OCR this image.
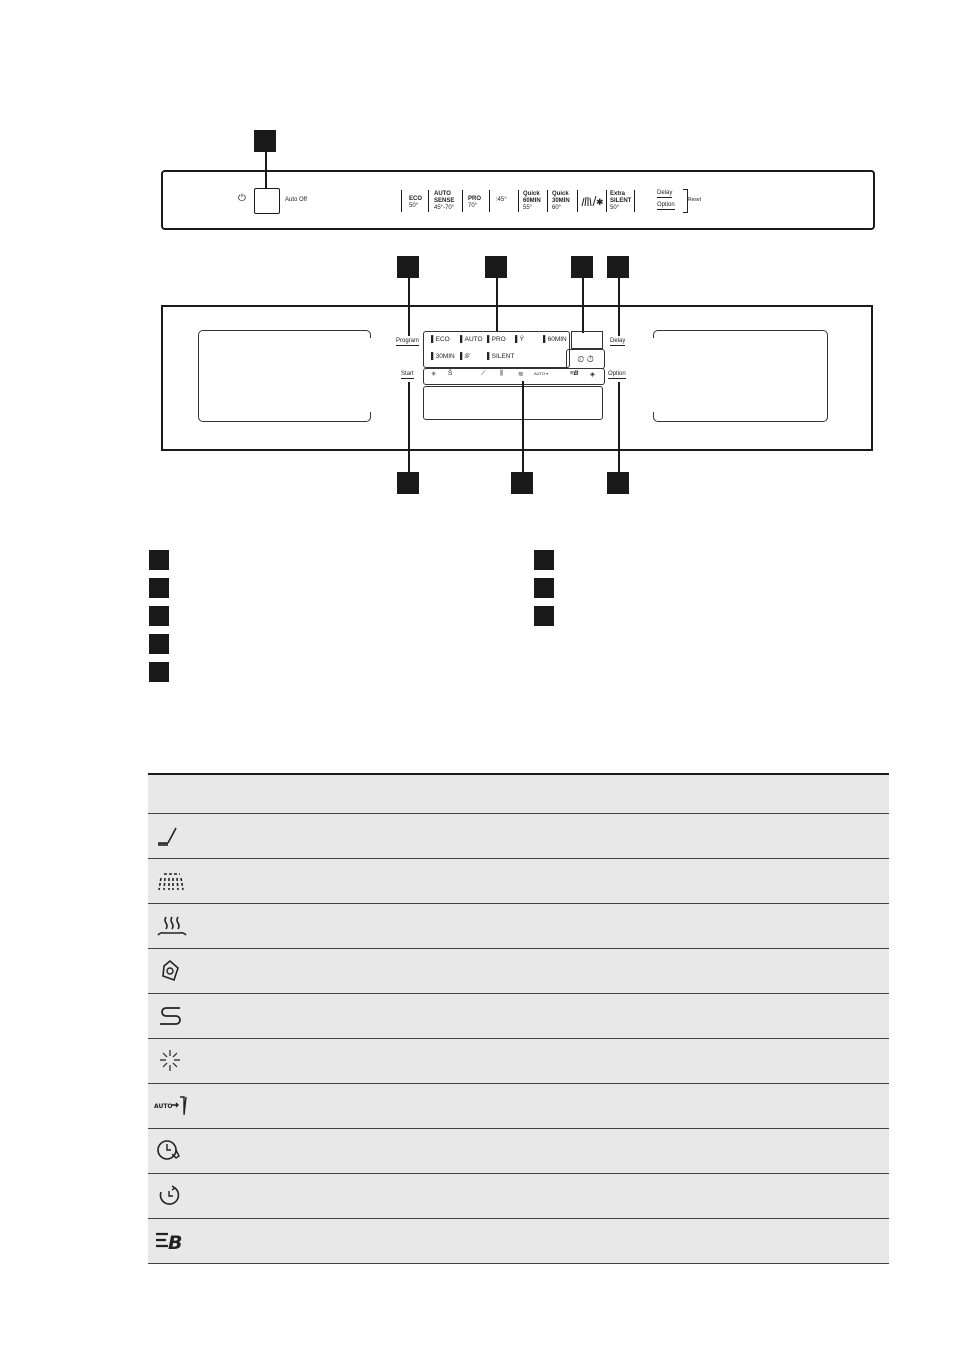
⏻	Auto Off	ECO
50°
AUTO SENSE
45°-70°
PRO
70°
⫶45°
Quick 60MIN
55°
Quick 30MIN
60°	✱
Extra SILENT
50°
Delay
Option
Reset
Program
Start
Delay
Option
▌ECO ▌AUTO ▌PRO ▌Ϋ	▌60MIN
▌30MIN ▌⫻∕	▌SILENT	⏲ ⏱
✳ Ŝ	⟋ ⫼ ≋	AUTO⇥	≡B ◈
AUTO
B
